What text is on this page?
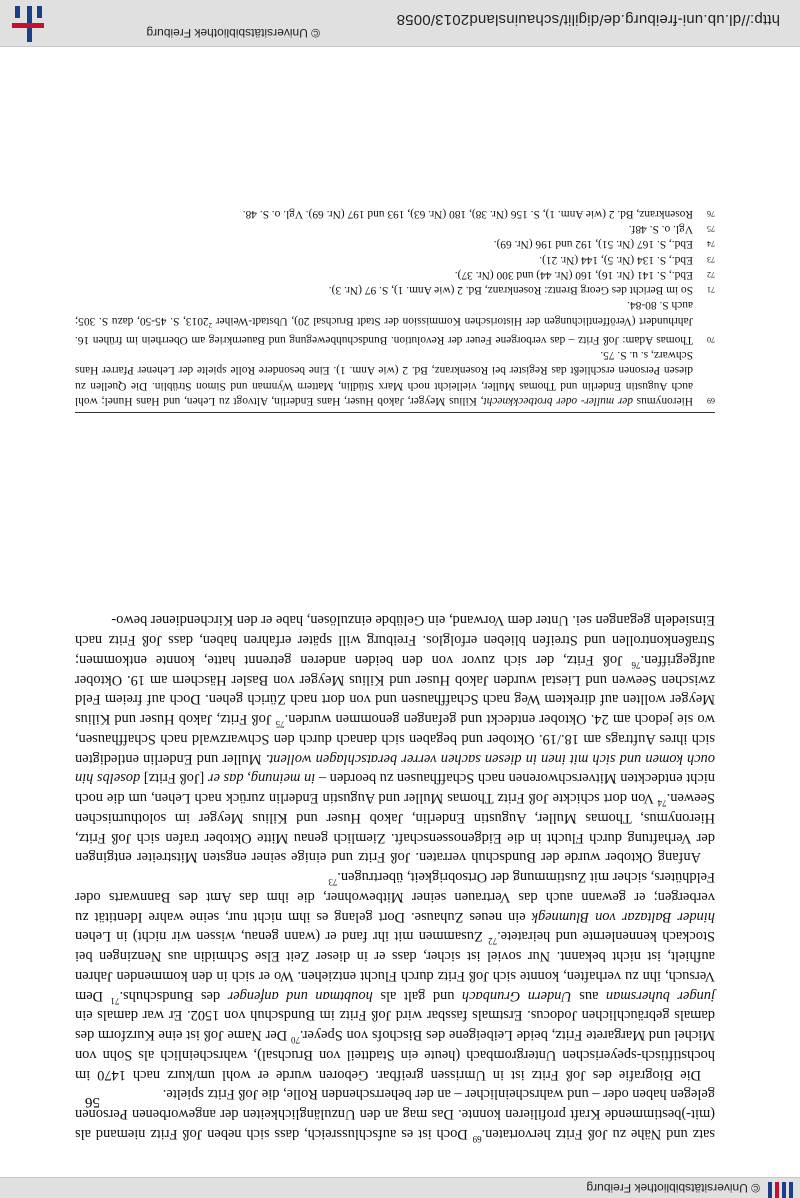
© Universitätsbibliothek Freiburg

satz und Nähe zu Joß Fritz hervortaten.$^{69}$ Doch ist es aufschlussreich, dass sich neben Joß Fritz niemand als (mit-)bestimmende Kraft profilieren konnte. Das mag an den Unzulänglichkeiten der angeworbenen Personen gelegen haben oder – und wahrscheinlicher – an der beherrschenden Rolle, die Joß Fritz spielte.

Die Biografie des Joß Fritz ist in Umrissen greifbar. Geboren wurde er wohl um/kurz nach 1470 im hochstiftisch-speyerischen Untergrombach (heute ein Stadtteil von Bruchsal), wahrscheinlich als Sohn von Michel und Margarete Fritz, beide Leibeigene des Bischofs von Speyer.$^{70}$ Der Name Joß ist eine Kurzform des damals gebräuchlichen Jodocus. Erstmals fassbar wird Joß Fritz im Bundschuh von 1502. Er war damals ein junger buhersman aus Undern Grunbach und galt als houbtman und anfenger des Bundschuhs.$^{71}$ Dem Versuch, ihn zu verhaften, konnte sich Joß Fritz durch Flucht entziehen. Wo er sich in den kommenden Jahren aufhielt, ist nicht bekannt. Nur soviel ist sicher, dass er in dieser Zeit Else Schmidin aus Nenzingen bei Stockach kennenlernte und heiratete.$^{72}$ Zusammen mit ihr fand er (wann genau, wissen wir nicht) in Lehen hinder Baltazar von Blumnegk ein neues Zuhause. Dort gelang es ihm nicht nur, seine wahre Identität zu verbergen; er gewann auch das Vertrauen seiner Mitbewohner, die ihm das Amt des Bannwarts oder Feldhüters, sicher mit Zustimmung der Ortsobrigkeit, übertrugen.$^{73}$

Anfang Oktober wurde der Bundschuh verraten. Joß Fritz und einige seiner engsten Mitstreiter entgingen der Verhaftung durch Flucht in die Eidgenossenschaft. Ziemlich genau Mitte Oktober trafen sich Joß Fritz, Hieronymus, Thomas Muller, Augustin Enderlin, Jakob Huser und Kilius Meyger im solothurnischen Seewen.$^{74}$ Von dort schickte Joß Fritz Thomas Muller und Augustin Enderlin zurück nach Lehen, um die noch nicht entdeckten Mitverschworenen nach Schaffhausen zu beorden – in meinung, das er [Joß Fritz] doselbs hin ouch komen und sich mit inen in diesen sachen verrer beratschlagen wollent. Muller und Enderlin entledigten sich ihres Auftrags am 18./19. Oktober und begaben sich danach durch den Schwarzwald nach Schaffhausen, wo sie jedoch am 24. Oktober entdeckt und gefangen genommen wurden.$^{75}$ Joß Fritz, Jakob Huser und Kilius Meyger wollten auf direktem Weg nach Schaffhausen und von dort nach Zürich gehen. Doch auf freiem Feld zwischen Seewen und Liestal wurden Jakob Huser und Kilius Meyger von Basler Häschern am 19. Oktober aufgegriffen.$^{76}$ Joß Fritz, der sich zuvor von den beiden anderen getrennt hatte, konnte entkommen; Straßenkontrollen und Streifen blieben erfolglos. Freiburg will später erfahren haben, dass Joß Fritz nach Einsiedeln gegangen sei. Unter dem Vorwand, ein Gelübde einzulösen, habe er den Kirchendiener bewo-

69
Hieronymus der muller- oder brotbeckknecht, Kilius Meyger, Jakob Huser, Hans Enderlin, Altvogt zu Lehen, und Hans Hunel; wohl auch Augustin Enderlin und Thomas Muller, vielleicht noch Marx Stüdlin, Mattern Wynman und Simon Strüblin. Die Quellen zu diesen Personen erschließt das Register bei Rosenkranz, Bd. 2 (wie Anm. 1). Eine besondere Rolle spielte der Lehener Pfarrer Hans Schwarz, s. u. S. 75.
70
Thomas Adam: Joß Fritz – das verborgene Feuer der Revolution. Bundschuhbewegung und Bauernkrieg am Oberrhein im frühen 16. Jahrhundert (Veröffentlichungen der Historischen Kommission der Stadt Bruchsal 20), Ubstadt-Weiher $^2$2013, S. 45-50, dazu S. 305; auch S. 80-84.
71
So im Bericht des Georg Brentz: Rosenkranz, Bd. 2 (wie Anm. 1), S. 97 (Nr. 3).
72
Ebd., S. 141 (Nr. 16), 160 (Nr. 44) und 300 (Nr. 37).
73
Ebd., S. 134 (Nr. 5), 144 (Nr. 21).
74
Ebd., S. 167 (Nr. 51), 192 und 196 (Nr. 69).
75
Vgl. o. S. 48f.
76
Rosenkranz, Bd. 2 (wie Anm. 1), S. 156 (Nr. 38), 180 (Nr. 63), 193 und 197 (Nr. 69). Vgl. o. S. 48.
56
http://dl.ub.uni-freiburg.de/digilit/schauinsland2013/0058
© Universitätsbibliothek Freiburg
